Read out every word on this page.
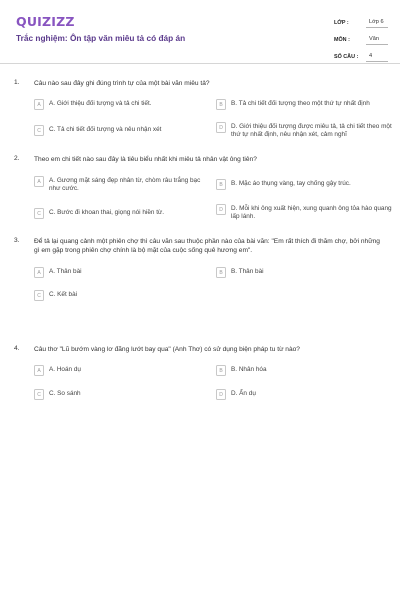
QUIZIZZ
Trắc nghiệm: Ôn tập văn miêu tả có đáp án
LỚP :	Lớp 6
MÔN :	Văn
SỐ CÂU :	4
1. Câu nào sau đây ghi đúng trình tự của một bài văn miêu tả?
A	A. Giới thiệu đối tượng và tả chi tiết.	B	B. Tả chi tiết đối tượng theo một thứ tự nhất định
C	C. Tả chi tiết đối tượng và nêu nhận xét	D	D. Giới thiệu đối tượng được miêu tả, tả chi tiết theo một thứ tự nhất định, nêu nhận xét, cảm nghĩ
2. Theo em chi tiết nào sau đây là tiêu biểu nhất khi miêu tả nhân vật ông tiên?
A	A. Gương mặt sáng đẹp nhân từ, chòm râu trắng bạc như cước.
B	B. Mặc áo thụng vàng, tay chống gậy trúc.
C	C. Bước đi khoan thai, giọng nói hiền từ.	D	D. Mỗi khi ông xuất hiện, xung quanh ông tỏa hào quang lấp lánh.
3. Để tả lại quang cảnh một phiên chợ thì câu văn sau thuộc phần nào của bài văn: "Em rất thích đi thăm chợ, bởi những gì em gặp trong phiên chợ chính là bộ mặt của cuộc sống quê hương em".
A	A. Thân bài	B	B. Thân bài
C	C. Kết bài
4. Câu thơ "Lũ bướm vàng lơ đãng lướt bay qua" (Anh Thơ) có sử dụng biện pháp tu từ nào?
A	A. Hoán dụ	B	B. Nhân hóa
C	C. So sánh	D	D. Ẩn dụ
